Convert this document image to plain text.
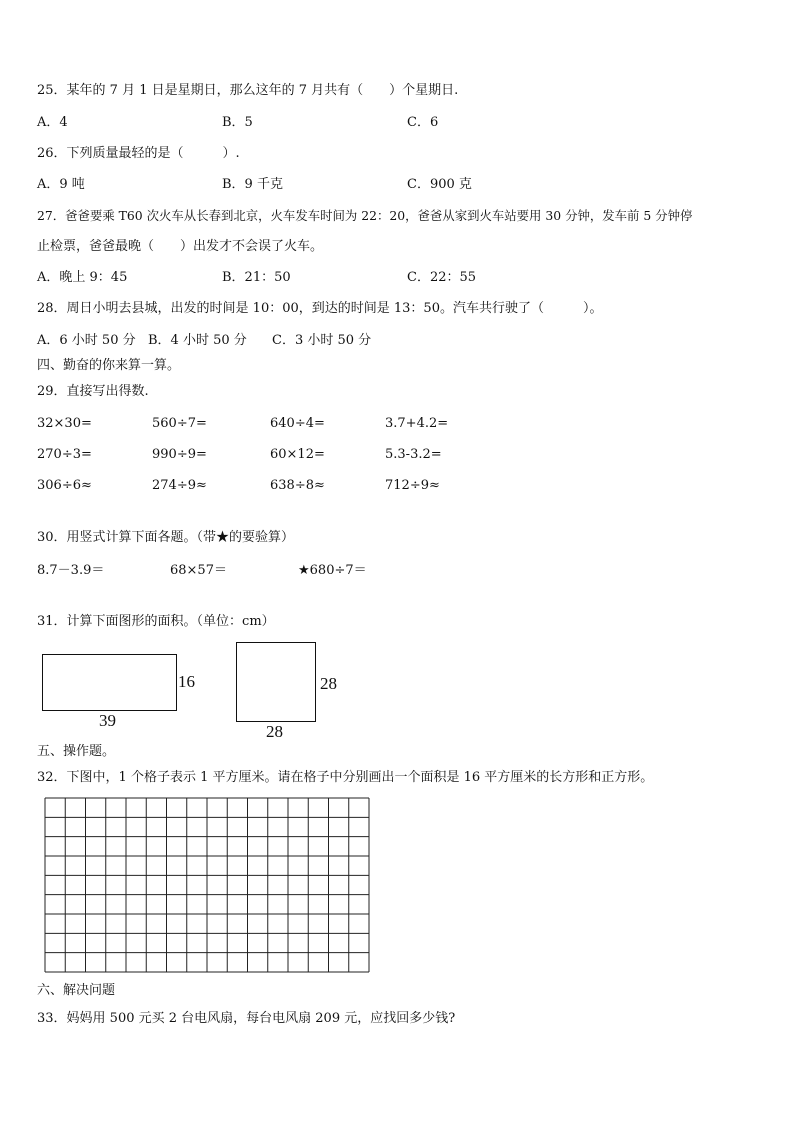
25．某年的 7 月 1 日是星期日，那么这年的 7 月共有（　　）个星期日.
A．4	B．5	C．6
26．下列质量最轻的是（　　　）.
A．9 吨	B．9 千克	C．900 克
27．爸爸要乘 T60 次火车从长春到北京，火车发车时间为 22：20，爸爸从家到火车站要用 30 分钟，发车前 5 分钟停
止检票，爸爸最晚（　　）出发才不会误了火车。
A．晚上 9：45	B．21：50	C．22：55
28．周日小明去县城，出发的时间是 10：00，到达的时间是 13：50。汽车共行驶了（　　　）。
A．6 小时 50 分 B．4 小时 50 分 C．3 小时 50 分
四、勤奋的你来算一算。
29．直接写出得数.
32×30=	560÷7=	640÷4=	3.7+4.2=
270÷3=	990÷9=	60×12=	5.3-3.2=
306÷6≈	274÷9≈	638÷8≈	712÷9≈
30．用竖式计算下面各题。（带★的要验算）
8.7－3.9＝	68×57＝	★680÷7＝
31．计算下面图形的面积。（单位：cm）
16
39
28
28
五、操作题。
32．下图中，1 个格子表示 1 平方厘米。请在格子中分别画出一个面积是 16 平方厘米的长方形和正方形。
六、解决问题
33．妈妈用 500 元买 2 台电风扇，每台电风扇 209 元，应找回多少钱?
